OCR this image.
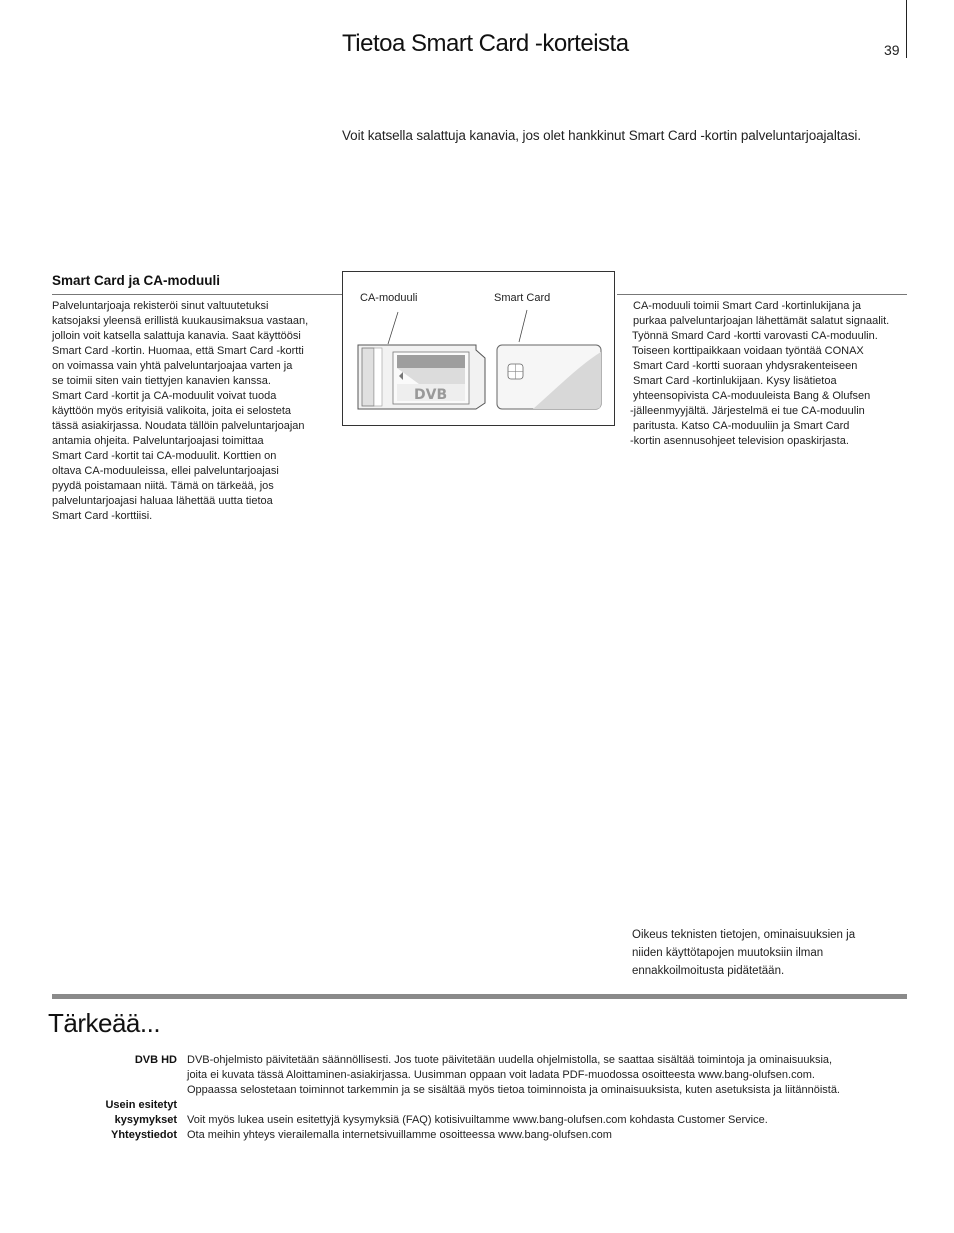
Tietoa Smart Card -korteista	39
Voit katsella salattuja kanavia, jos olet hankkinut Smart Card -kortin palveluntarjoajaltasi.
Smart Card ja CA-moduuli
Palveluntarjoaja rekisteröi sinut valtuutetuksi
katsojaksi yleensä erillistä kuukausimaksua vastaan,
jolloin voit katsella salattuja kanavia. Saat käyttöösi
Smart Card -kortin. Huomaa, että Smart Card -kortti
on voimassa vain yhtä palveluntarjoajaa varten ja
se toimii siten vain tiettyjen kanavien kanssa.
Smart Card -kortit ja CA-moduulit voivat tuoda
käyttöön myös erityisiä valikoita, joita ei selosteta
tässä asiakirjassa. Noudata tällöin palveluntarjoajan
antamia ohjeita. Palveluntarjoajasi toimittaa
Smart Card -kortit tai CA-moduulit. Korttien on
oltava CA-moduuleissa, ellei palveluntarjoajasi
pyydä poistamaan niitä. Tämä on tärkeää, jos
palveluntarjoajasi haluaa lähettää uutta tietoa
Smart Card -korttiisi.
CA-moduuli	Smart Card
DVB
CA-moduuli toimii Smart Card -kortinlukijana ja
purkaa palveluntarjoajan lähettämät salatut signaalit.
Työnnä Smard Card -kortti varovasti CA-moduulin.
Toiseen korttipaikkaan voidaan työntää CONAX
Smart Card -kortti suoraan yhdysrakenteiseen
Smart Card -kortinlukijaan. Kysy lisätietoa
yhteensopivista CA-moduuleista Bang & Olufsen
-jälleenmyyjältä. Järjestelmä ei tue CA-moduulin
paritusta. Katso CA-moduuliin ja Smart Card
-kortin asennusohjeet television opaskirjasta.
Oikeus teknisten tietojen, ominaisuuksien ja
niiden käyttötapojen muutoksiin ilman
ennakkoilmoitusta pidätetään.
Tärkeää...
DVB HD DVB-ohjelmisto päivitetään säännöllisesti. Jos tuote päivitetään uudella ohjelmistolla, se saattaa sisältää toimintoja ja ominaisuuksia,
joita ei kuvata tässä Aloittaminen-asiakirjassa. Uusimman oppaan voit ladata PDF-muodossa osoitteesta www.bang-olufsen.com.
Oppaassa selostetaan toiminnot tarkemmin ja se sisältää myös tietoa toiminnoista ja ominaisuuksista, kuten asetuksista ja liitännöistä.
Usein esitetyt
kysymykset Voit myös lukea usein esitettyjä kysymyksiä (FAQ) kotisivuiltamme www.bang-olufsen.com kohdasta Customer Service.
Yhteystiedot Ota meihin yhteys vierailemalla internetsivuillamme osoitteessa www.bang-olufsen.com
